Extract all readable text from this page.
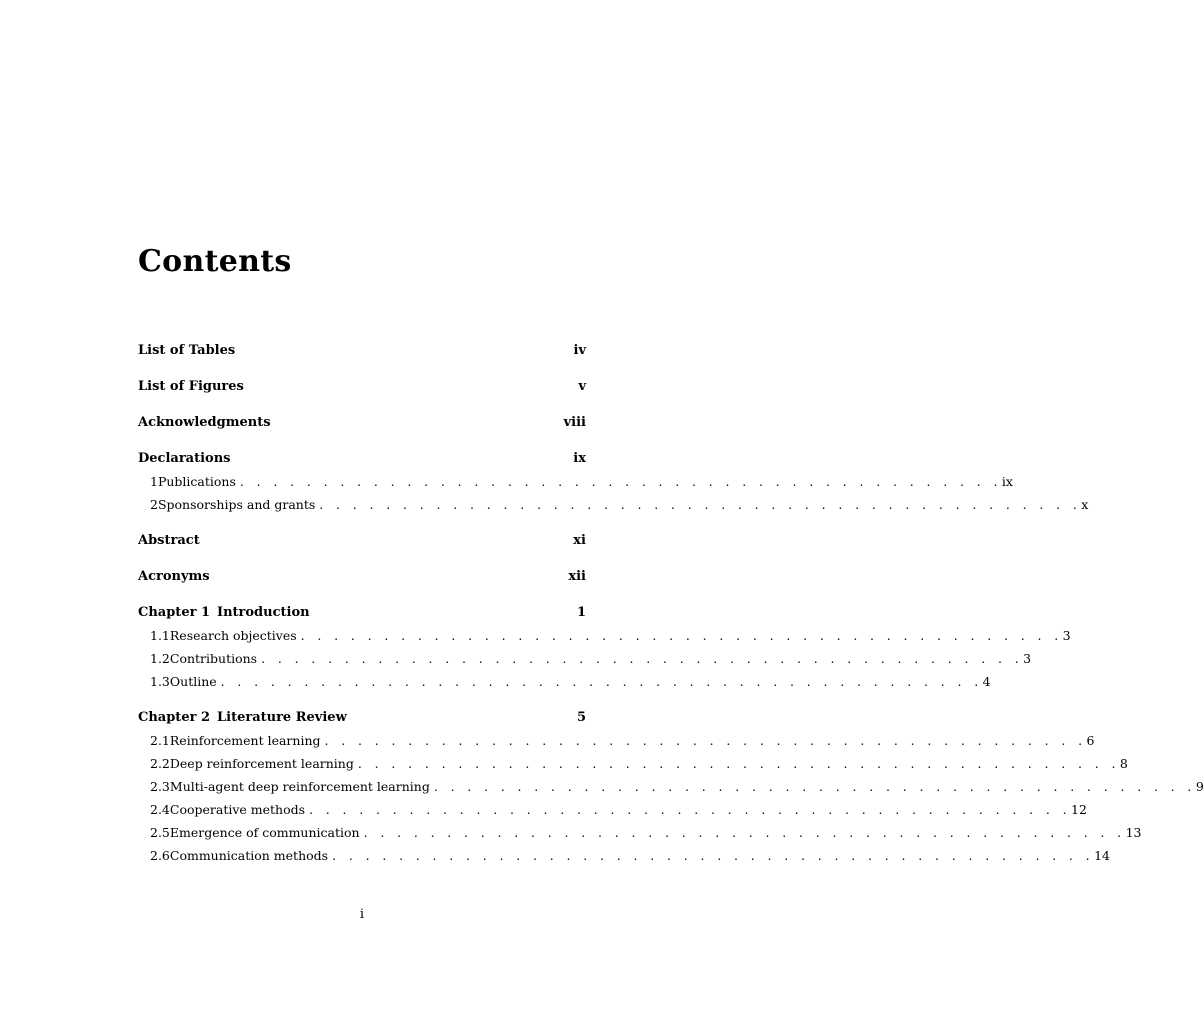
Contents
List of Tables	iv
List of Figures	v
Acknowledgments	viii
Declarations	ix
1 Publications . . . . . . . . . . . . . . . . . . . . . . . . . . . . . . . . . . . . . . . . . . . . . . ix
2 Sponsorships and grants . . . . . . . . . . . . . . . . . . . . . . . . . . . . . . . . . . . . . . . . . . . . . . x
Abstract	xi
Acronyms	xii
Chapter 1 Introduction	1
1.1 Research objectives . . . . . . . . . . . . . . . . . . . . . . . . . . . . . . . . . . . . . . . . . . . . . . 3
1.2 Contributions . . . . . . . . . . . . . . . . . . . . . . . . . . . . . . . . . . . . . . . . . . . . . . 3
1.3 Outline . . . . . . . . . . . . . . . . . . . . . . . . . . . . . . . . . . . . . . . . . . . . . . 4
Chapter 2 Literature Review	5
2.1 Reinforcement learning . . . . . . . . . . . . . . . . . . . . . . . . . . . . . . . . . . . . . . . . . . . . . . 6
2.2 Deep reinforcement learning . . . . . . . . . . . . . . . . . . . . . . . . . . . . . . . . . . . . . . . . . . . . . . 8
2.3 Multi-agent deep reinforcement learning . . . . . . . . . . . . . . . . . . . . . . . . . . . . . . . . . . . . . . . . . . . . . . 9
2.4 Cooperative methods . . . . . . . . . . . . . . . . . . . . . . . . . . . . . . . . . . . . . . . . . . . . . . 12
2.5 Emergence of communication . . . . . . . . . . . . . . . . . . . . . . . . . . . . . . . . . . . . . . . . . . . . . . 13
2.6 Communication methods . . . . . . . . . . . . . . . . . . . . . . . . . . . . . . . . . . . . . . . . . . . . . . 14
i
